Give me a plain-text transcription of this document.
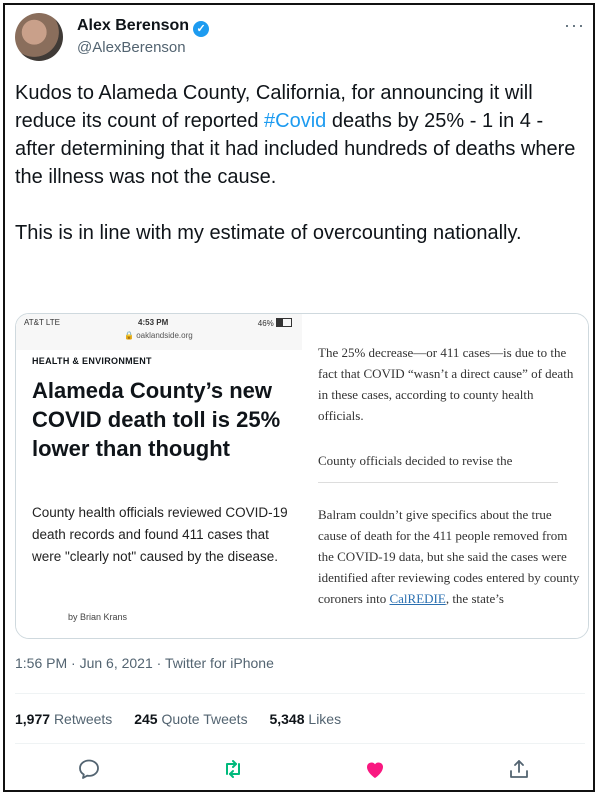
Alex Berenson ✓
@AlexBerenson
···
Kudos to Alameda County, California, for announcing it will reduce its count of reported #Covid deaths by 25% - 1 in 4 - after determining that it had included hundreds of deaths where the illness was not the cause.

This is in line with my estimate of overcounting nationally.
AT&T LTE	4:53 PM	46%
🔒 oaklandside.org
HEALTH & ENVIRONMENT
Alameda County’s new COVID death toll is 25% lower than thought
County health officials reviewed COVID-19 death records and found 411 cases that were "clearly not" caused by the disease.
by Brian Krans
The 25% decrease—or 411 cases—is due to the fact that COVID “wasn’t a direct cause” of death in these cases, according to county health officials.
County officials decided to revise the
Balram couldn’t give specifics about the true cause of death for the 411 people removed from the COVID-19 data, but she said the cases were identified after reviewing codes entered by county coroners into CalREDIE, the state’s
1:56 PM · Jun 6, 2021 · Twitter for iPhone
1,977 Retweets 245 Quote Tweets 5,348 Likes
